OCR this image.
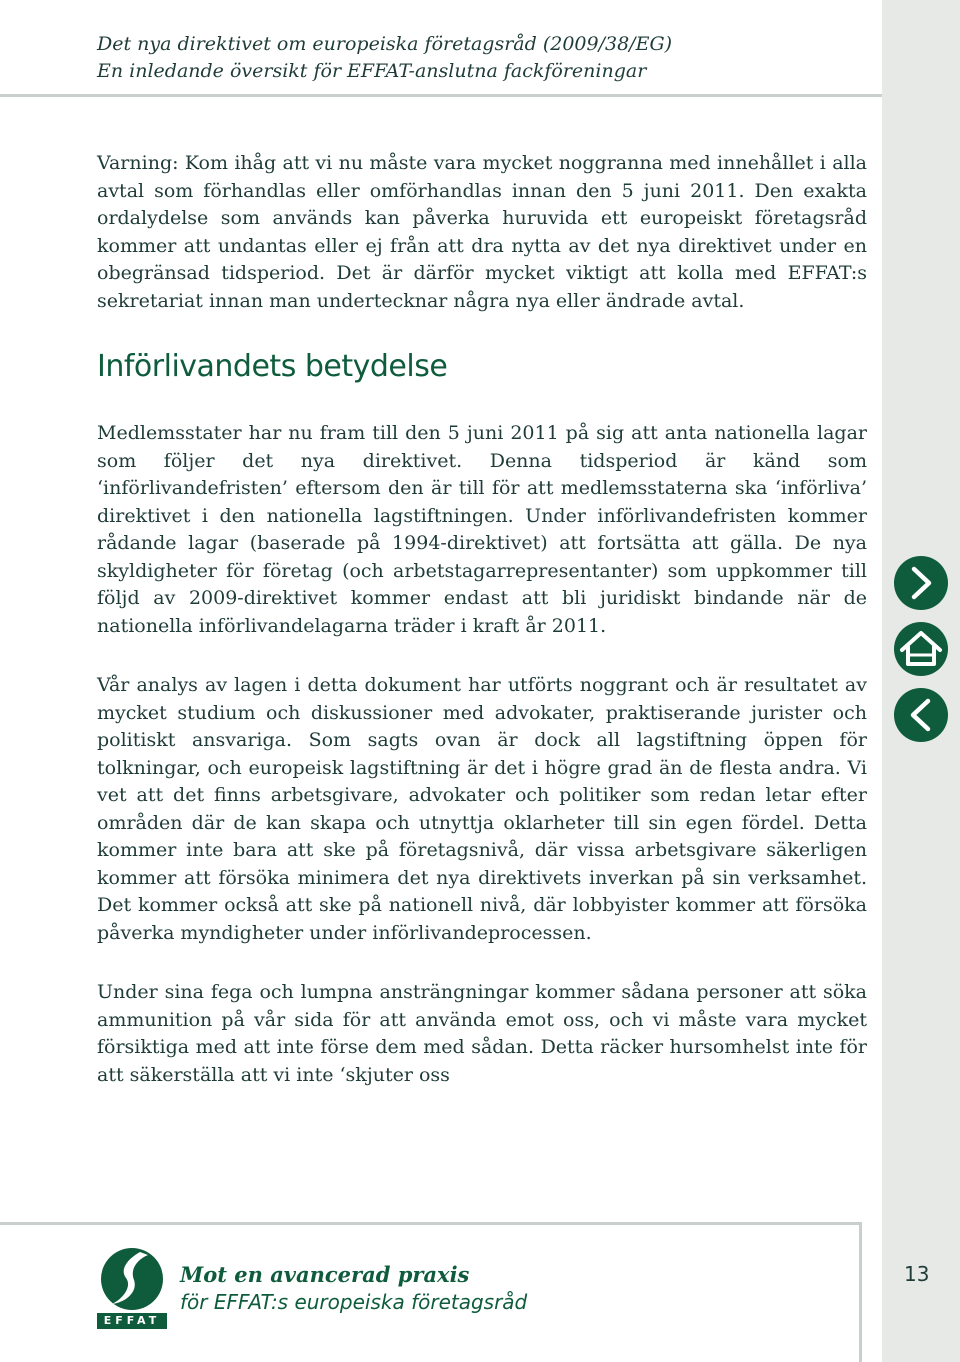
Det nya direktivet om europeiska företagsråd (2009/38/EG)

En inledande översikt för EFFAT-anslutna fackföreningar

Varning: Kom ihåg att vi nu måste vara mycket noggranna med innehållet i alla avtal som förhandlas eller omförhandlas innan den 5 juni 2011. Den exakta ordalydelse som används kan påverka huruvida ett europeiskt företagsråd kommer att undantas eller ej från att dra nytta av det nya direktivet under en obegränsad tidsperiod. Det är därför mycket viktigt att kolla med EFFAT:s sekretariat innan man undertecknar några nya eller ändrade avtal.

Införlivandets betydelse

Medlemsstater har nu fram till den 5 juni 2011 på sig att anta nationella lagar som följer det nya direktivet. Denna tidsperiod är känd som ‘införlivandefristen’ eftersom den är till för att medlemsstaterna ska ‘införliva’ direktivet i den nationella lagstiftningen. Under införlivandefristen kommer rådande lagar (baserade på 1994-direktivet) att fortsätta att gälla. De nya skyldigheter för företag (och arbetstagarrepresentanter) som uppkommer till följd av 2009-direktivet kommer endast att bli juridiskt bindande när de nationella införlivandelagarna träder i kraft år 2011.

Vår analys av lagen i detta dokument har utförts noggrant och är resultatet av mycket studium och diskussioner med advokater, praktiserande jurister och politiskt ansvariga. Som sagts ovan är dock all lagstiftning öppen för tolkningar, och europeisk lagstiftning är det i högre grad än de flesta andra. Vi vet att det finns arbetsgivare, advokater och politiker som redan letar efter områden där de kan skapa och utnyttja oklarheter till sin egen fördel. Detta kommer inte bara att ske på företagsnivå, där vissa arbetsgivare säkerligen kommer att försöka minimera det nya direktivets inverkan på sin verksamhet. Det kommer också att ske på nationell nivå, där lobbyister kommer att försöka påverka myndigheter under införlivandeprocessen.

Under sina fega och lumpna ansträngningar kommer sådana personer att söka ammunition på vår sida för att använda emot oss, och vi måste vara mycket försiktiga med att inte förse dem med sådan. Detta räcker hursomhelst inte för att säkerställa att vi inte ‘skjuter oss

EFFAT

Mot en avancerad praxis

för EFFAT:s europeiska företagsråd

13
